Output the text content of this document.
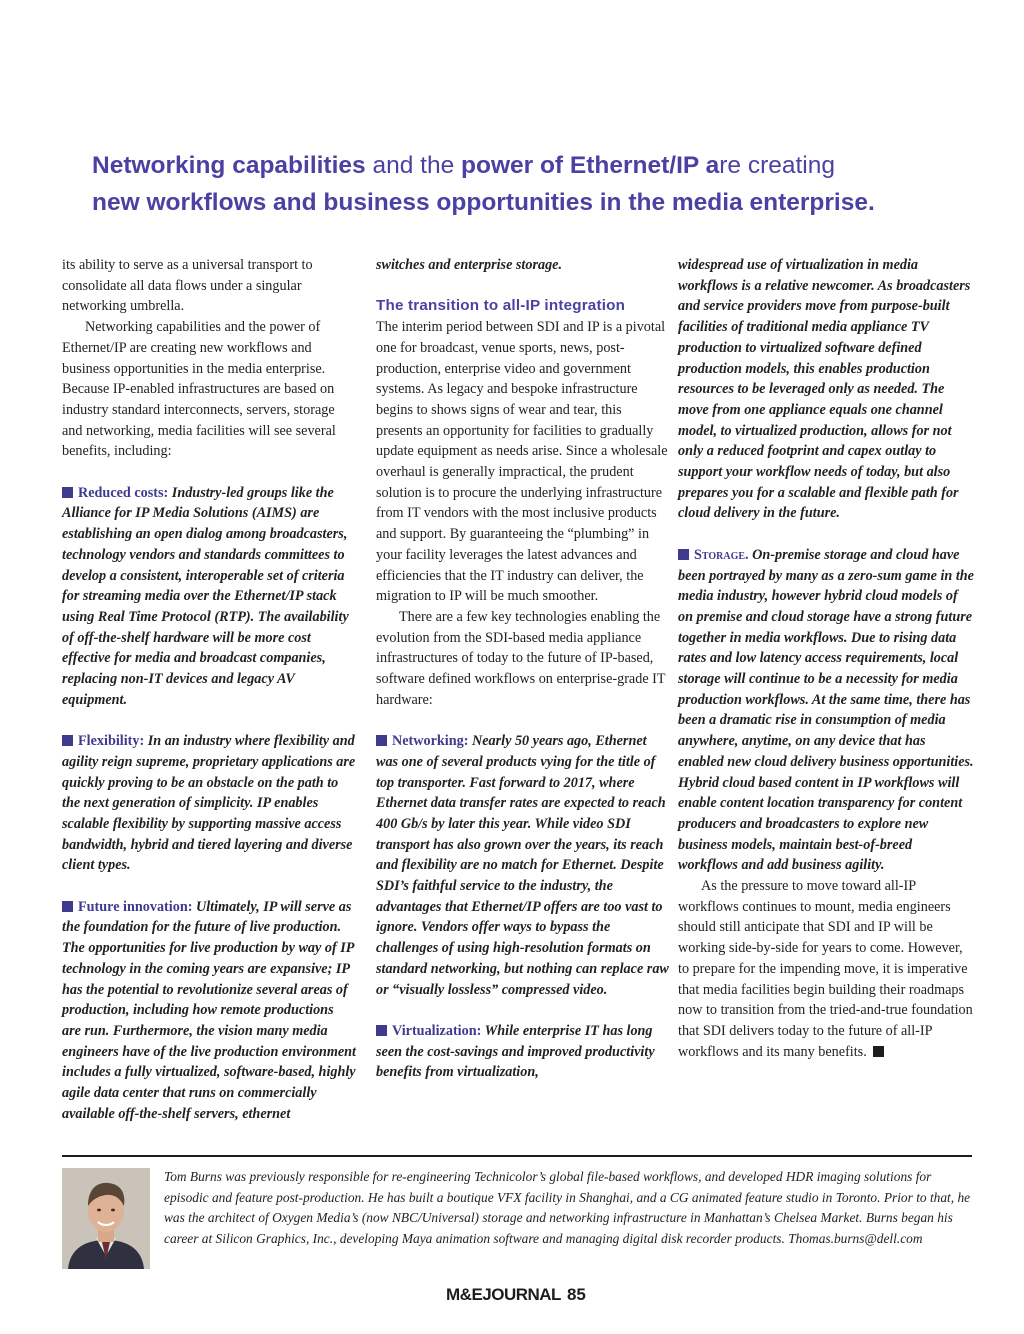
Networking capabilities and the power of Ethernet/IP are creating
new workflows and business opportunities in the media enterprise.

its ability to serve as a universal transport to consolidate all data flows under a singular networking umbrella.

Networking capabilities and the power of Ethernet/IP are creating new workflows and business opportunities in the media enterprise. Because IP-enabled infrastructures are based on industry standard interconnects, servers, storage and networking, media facilities will see several benefits, including:

Reduced costs: Industry-led groups like the Alliance for IP Media Solutions (AIMS) are establishing an open dialog among broadcasters, technology vendors and standards committees to develop a consistent, interoperable set of criteria for streaming media over the Ethernet/IP stack using Real Time Protocol (RTP). The availability of off-the-shelf hardware will be more cost effective for media and broadcast companies, replacing non-IT devices and legacy AV equipment.

Flexibility: In an industry where flexibility and agility reign supreme, proprietary applications are quickly proving to be an obstacle on the path to the next generation of simplicity. IP enables scalable flexibility by supporting massive access bandwidth, hybrid and tiered layering and diverse client types.

Future innovation: Ultimately, IP will serve as the foundation for the future of live production. The opportunities for live production by way of IP technology in the coming years are expansive; IP has the potential to revolutionize several areas of production, including how remote productions are run. Furthermore, the vision many media engineers have of the live production environment includes a fully virtualized, software-based, highly agile data center that runs on commercially available off-the-shelf servers, ethernet

switches and enterprise storage.

The transition to all-IP integration

The interim period between SDI and IP is a pivotal one for broadcast, venue sports, news, post-production, enterprise video and government systems. As legacy and bespoke infrastructure begins to shows signs of wear and tear, this presents an opportunity for facilities to gradually update equipment as needs arise. Since a wholesale overhaul is generally impractical, the prudent solution is to procure the underlying infrastructure from IT vendors with the most inclusive products and support. By guaranteeing the “plumbing” in your facility leverages the latest advances and efficiencies that the IT industry can deliver, the migration to IP will be much smoother.

There are a few key technologies enabling the evolution from the SDI-based media appliance infrastructures of today to the future of IP-based, software defined workflows on enterprise-grade IT hardware:

Networking: Nearly 50 years ago, Ethernet was one of several products vying for the title of top transporter. Fast forward to 2017, where Ethernet data transfer rates are expected to reach 400 Gb/s by later this year. While video SDI transport has also grown over the years, its reach and flexibility are no match for Ethernet. Despite SDI’s faithful service to the industry, the advantages that Ethernet/IP offers are too vast to ignore. Vendors offer ways to bypass the challenges of using high-resolution formats on standard networking, but nothing can replace raw or “visually lossless” compressed video.

Virtualization: While enterprise IT has long seen the cost-savings and improved productivity benefits from virtualization,

widespread use of virtualization in media workflows is a relative newcomer. As broadcasters and service providers move from purpose-built facilities of traditional media appliance TV production to virtualized software defined production models, this enables production resources to be leveraged only as needed. The move from one appliance equals one channel model, to virtualized production, allows for not only a reduced footprint and capex outlay to support your workflow needs of today, but also prepares you for a scalable and flexible path for cloud delivery in the future.

Storage. On-premise storage and cloud have been portrayed by many as a zero-sum game in the media industry, however hybrid cloud models of on premise and cloud storage have a strong future together in media workflows. Due to rising data rates and low latency access requirements, local storage will continue to be a necessity for media production workflows. At the same time, there has been a dramatic rise in consumption of media anywhere, anytime, on any device that has enabled new cloud delivery business opportunities. Hybrid cloud based content in IP workflows will enable content location transparency for content producers and broadcasters to explore new business models, maintain best-of-breed workflows and add business agility.

As the pressure to move toward all-IP workflows continues to mount, media engineers should still anticipate that SDI and IP will be working side-by-side for years to come. However, to prepare for the impending move, it is imperative that media facilities begin building their roadmaps now to transition from the tried-and-true foundation that SDI delivers today to the future of all-IP workflows and its many benefits.

Tom Burns was previously responsible for re-engineering Technicolor’s global file-based workflows, and developed HDR imaging solutions for episodic and feature post-production. He has built a boutique VFX facility in Shanghai, and a CG animated feature studio in Toronto. Prior to that, he was the architect of Oxygen Media’s (now NBC/Universal) storage and networking infrastructure in Manhattan’s Chelsea Market. Burns began his career at Silicon Graphics, Inc., developing Maya animation software and managing digital disk recorder products. Thomas.burns@dell.com

M&EJOURNAL 85
